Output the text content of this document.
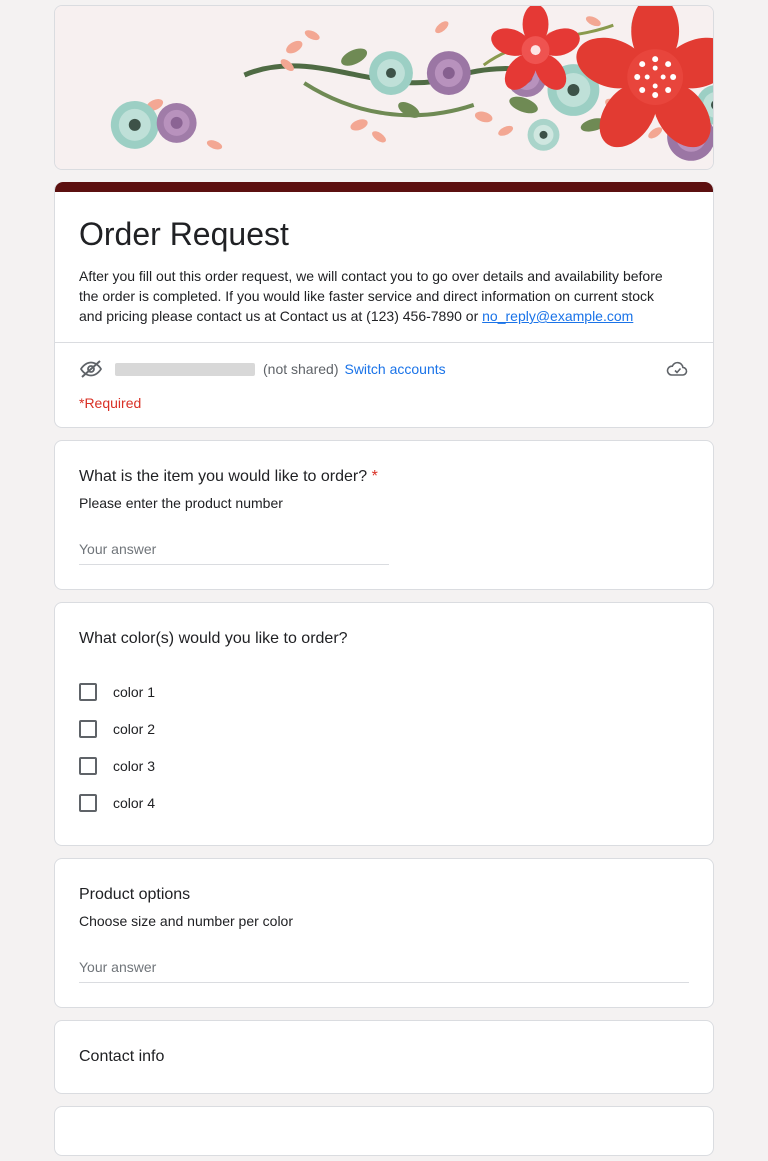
Order Request

After you fill out this order request, we will contact you to go over details and availability before the order is completed. If you would like faster service and direct information on current stock and pricing please contact us at Contact us at (123) 456-7890 or no_reply@example.com

(not shared) Switch accounts
*Required

What is the item you would like to order? *

Please enter the product number

Your answer

What color(s) would you like to order?

color 1
color 2
color 3
color 4

Product options

Choose size and number per color

Your answer

Contact info
